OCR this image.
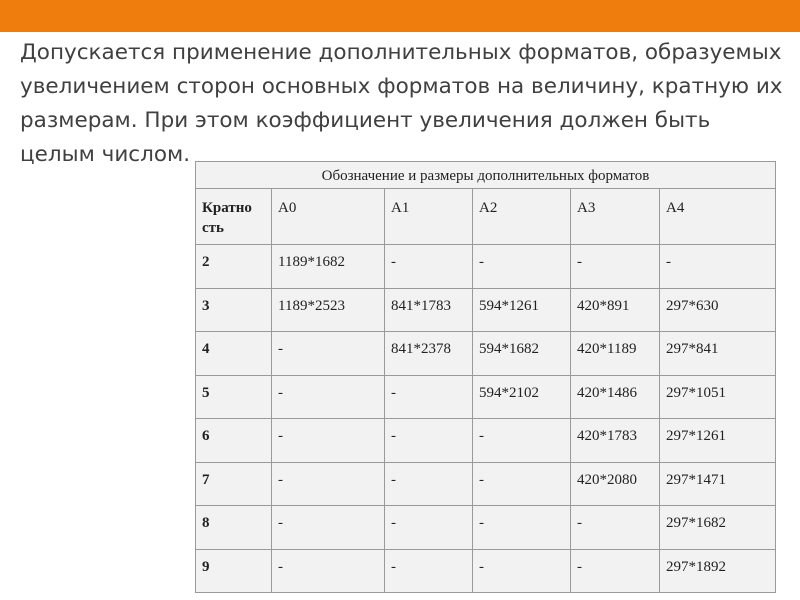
Допускается применение дополнительных форматов, образуемых увеличением сторон основных форматов на величину, кратную их размерам. При этом коэффициент увеличения должен быть целым числом.

Обозначение и размеры дополнительных форматов					
Кратно сть	A0	A1	A2	A3	A4
2	1189*1682	-	-	-	-
3	1189*2523	841*1783	594*1261	420*891	297*630
4	-	841*2378	594*1682	420*1189	297*841
5	-	-	594*2102	420*1486	297*1051
6	-	-	-	420*1783	297*1261
7	-	-	-	420*2080	297*1471
8	-	-	-	-	297*1682
9	-	-	-	-	297*1892
